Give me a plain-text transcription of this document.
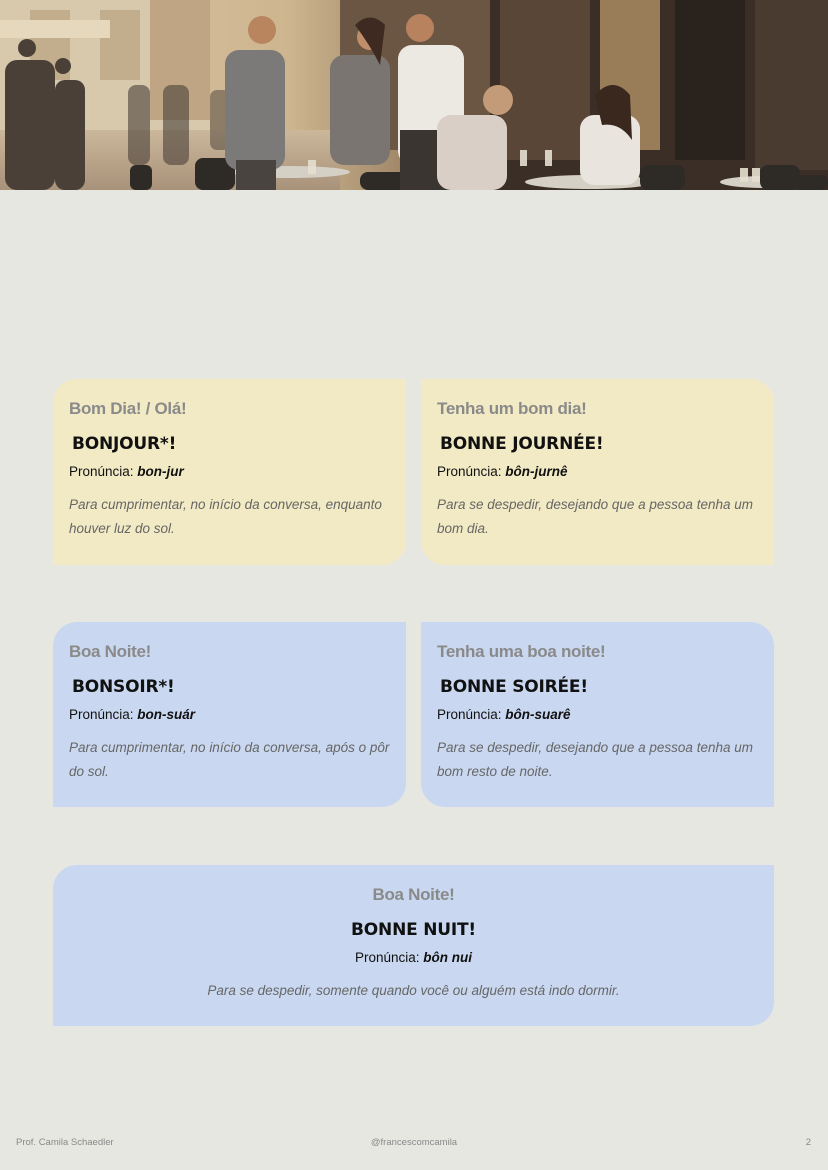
Bom Dia! / Olá!
BONJOUR*!
Pronúncia: bon-jur
Para cumprimentar, no início da conversa, enquanto houver luz do sol.
Tenha um bom dia!
BONNE JOURNÉE!
Pronúncia: bôn-jurnê
Para se despedir, desejando que a pessoa tenha um bom dia.
Boa Noite!
BONSOIR*!
Pronúncia: bon-suár
Para cumprimentar, no início da conversa, após o pôr do sol.
Tenha uma boa noite!
BONNE SOIRÉE!
Pronúncia: bôn-suarê
Para se despedir, desejando que a pessoa tenha um bom resto de noite.
Boa Noite!
BONNE NUIT!
Pronúncia: bôn nui
Para se despedir, somente quando você ou alguém está indo dormir.
Prof. Camila Schaedler	@francescomcamila	2
